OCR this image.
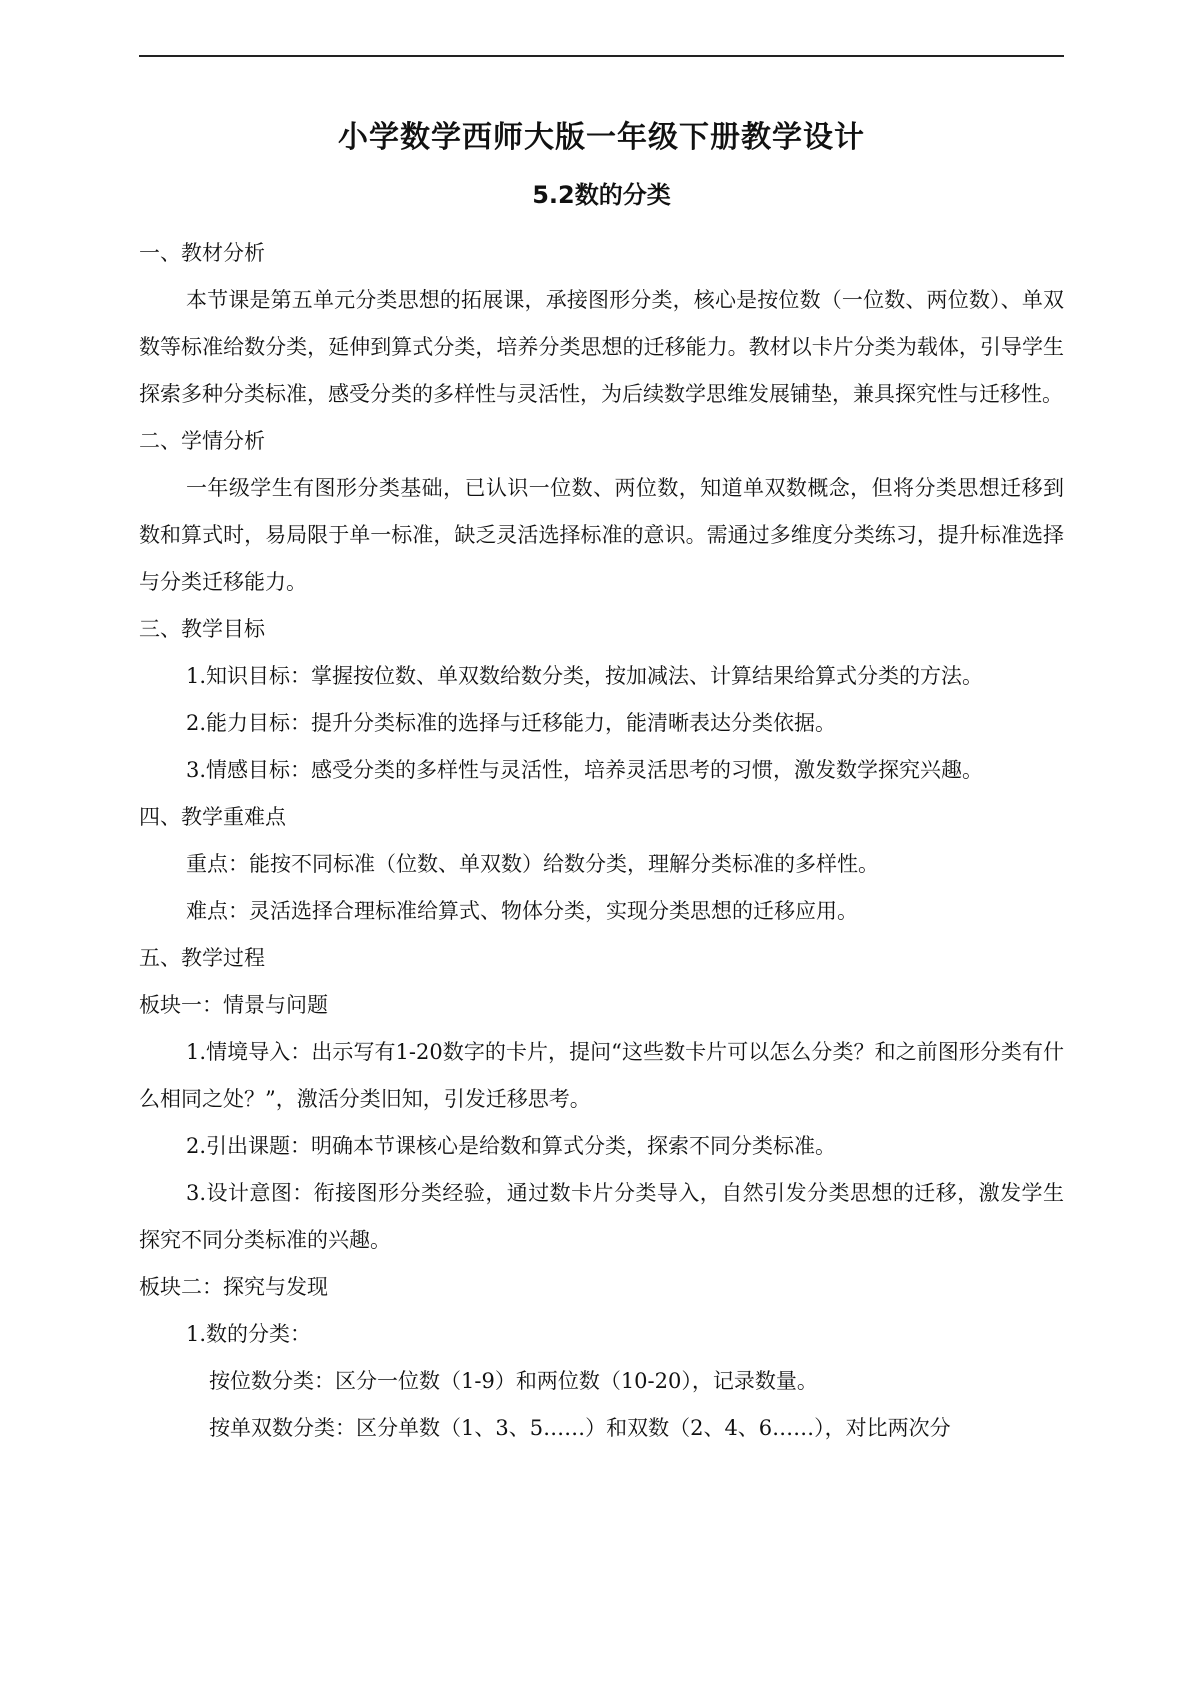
小学数学西师大版一年级下册教学设计
5.2数的分类

一、教材分析

本节课是第五单元分类思想的拓展课，承接图形分类，核心是按位数（一位数、两位数）、单双数等标准给数分类，延伸到算式分类，培养分类思想的迁移能力。教材以卡片分类为载体，引导学生探索多种分类标准，感受分类的多样性与灵活性，为后续数学思维发展铺垫，兼具探究性与迁移性。

二、学情分析

一年级学生有图形分类基础，已认识一位数、两位数，知道单双数概念，但将分类思想迁移到数和算式时，易局限于单一标准，缺乏灵活选择标准的意识。需通过多维度分类练习，提升标准选择与分类迁移能力。

三、教学目标

1.知识目标：掌握按位数、单双数给数分类，按加减法、计算结果给算式分类的方法。

2.能力目标：提升分类标准的选择与迁移能力，能清晰表达分类依据。

3.情感目标：感受分类的多样性与灵活性，培养灵活思考的习惯，激发数学探究兴趣。

四、教学重难点

重点：能按不同标准（位数、单双数）给数分类，理解分类标准的多样性。

难点：灵活选择合理标准给算式、物体分类，实现分类思想的迁移应用。

五、教学过程

板块一：情景与问题

1.情境导入：出示写有1-20数字的卡片，提问“这些数卡片可以怎么分类？和之前图形分类有什么相同之处？”，激活分类旧知，引发迁移思考。

2.引出课题：明确本节课核心是给数和算式分类，探索不同分类标准。

3.设计意图：衔接图形分类经验，通过数卡片分类导入，自然引发分类思想的迁移，激发学生探究不同分类标准的兴趣。

板块二：探究与发现

1.数的分类：

按位数分类：区分一位数（1-9）和两位数（10-20），记录数量。

按单双数分类：区分单数（1、3、5……）和双数（2、4、6……），对比两次分
